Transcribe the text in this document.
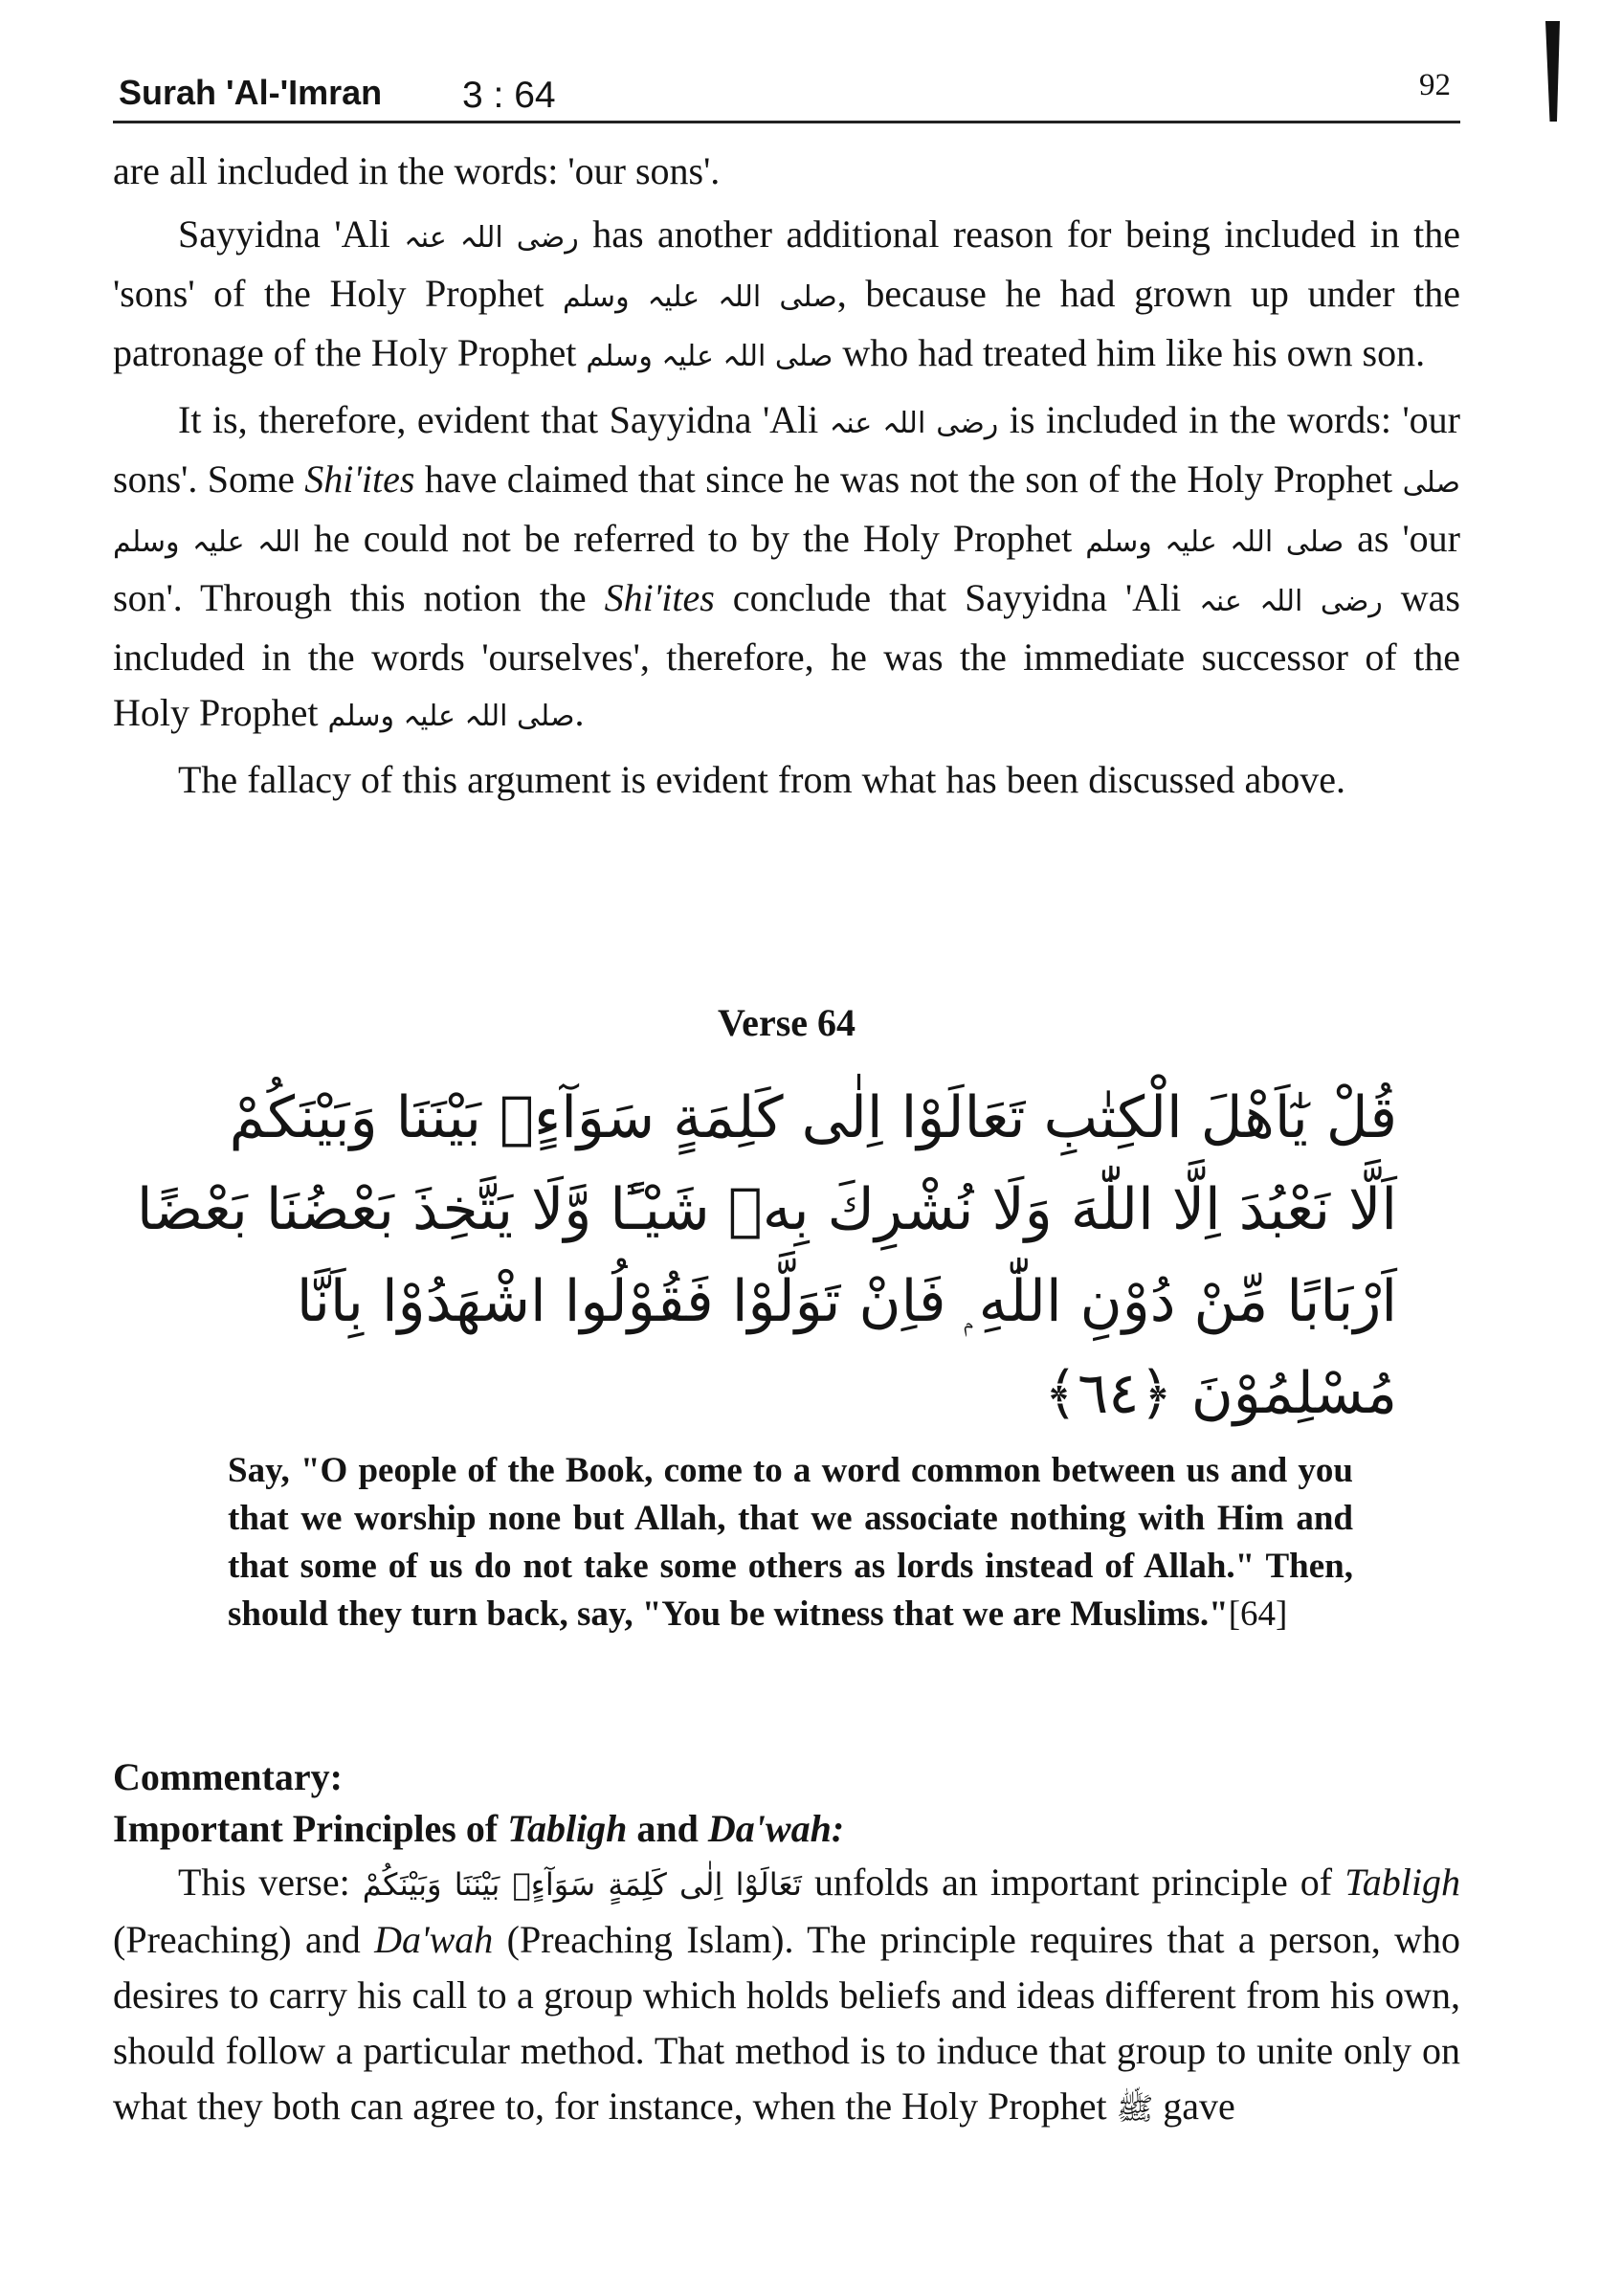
Surah 'Al-'Imran 3 : 64	92

are all included in the words: 'our sons'.

Sayyidna 'Ali رضی اللہ عنہ has another additional reason for being included in the 'sons' of the Holy Prophet صلی اللہ علیہ وسلم, because he had grown up under the patronage of the Holy Prophet صلی اللہ علیہ وسلم who had treated him like his own son.

It is, therefore, evident that Sayyidna 'Ali رضی اللہ عنہ is included in the words: 'our sons'. Some Shi'ites have claimed that since he was not the son of the Holy Prophet صلی اللہ علیہ وسلم he could not be referred to by the Holy Prophet صلی اللہ علیہ وسلم as 'our son'. Through this notion the Shi'ites conclude that Sayyidna 'Ali رضی اللہ عنہ was included in the words 'ourselves', therefore, he was the immediate successor of the Holy Prophet صلی اللہ علیہ وسلم.

The fallacy of this argument is evident from what has been discussed above.

Verse 64
قُلْ يٰٓاَهْلَ الْكِتٰبِ تَعَالَوْا اِلٰى كَلِمَةٍ سَوَآءٍۢ بَيْنَنَا وَبَيْنَكُمْ
اَلَّا نَعْبُدَ اِلَّا اللّٰهَ وَلَا نُشْرِكَ بِهٖ شَيْـًٔا وَّلَا يَتَّخِذَ بَعْضُنَا بَعْضًا
اَرْبَابًا مِّنْ دُوْنِ اللّٰهِ ۭ فَاِنْ تَوَلَّوْا فَقُوْلُوا اشْهَدُوْا بِاَنَّا
مُسْلِمُوْنَ ﴿٦٤﴾
Say, "O people of the Book, come to a word common between us and you that we worship none but Allah, that we associate nothing with Him and that some of us do not take some others as lords instead of Allah." Then, should they turn back, say, "You be witness that we are Muslims."[64]
Commentary:
Important Principles of Tabligh and Da'wah:

This verse: تَعَالَوْا اِلٰى كَلِمَةٍ سَوَآءٍۢ بَيْنَنَا وَبَيْنَكُمْ unfolds an important principle of Tabligh (Preaching) and Da'wah (Preaching Islam). The principle requires that a person, who desires to carry his call to a group which holds beliefs and ideas different from his own, should follow a particular method. That method is to induce that group to unite only on what they both can agree to, for instance, when the Holy Prophet ﷺ gave
